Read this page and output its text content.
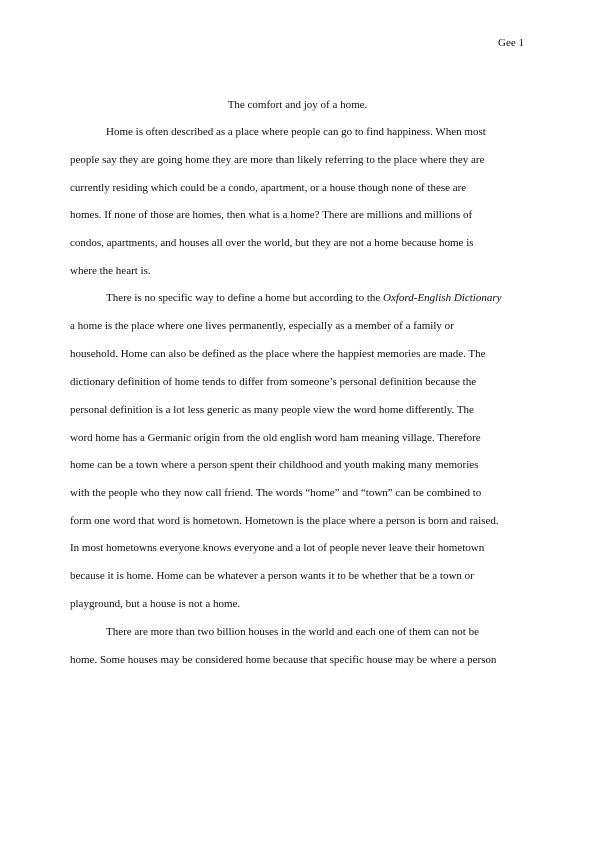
Gee 1
The comfort and joy of a home.
Home is often described as a place where people can go to find happiness. When most
people say they are going home they are more than likely referring to the place where they are
currently residing which could be a condo, apartment, or a house though none of these are
homes. If none of those are homes, then what is a home? There are millions and millions of
condos, apartments, and houses all over the world, but they are not a home because home is
where the heart is.
There is no specific way to define a home but according to the Oxford-English Dictionary
a home is the place where one lives permanently, especially as a member of a family or
household. Home can also be defined as the place where the happiest memories are made. The
dictionary definition of home tends to differ from someone’s personal definition because the
personal definition is a lot less generic as many people view the word home differently. The
word home has a Germanic origin from the old english word ham meaning village. Therefore
home can be a town where a person spent their childhood and youth making many memories
with the people who they now call friend. The words “home” and “town” can be combined to
form one word that word is hometown. Hometown is the place where a person is born and raised.
In most hometowns everyone knows everyone and a lot of people never leave their hometown
because it is home. Home can be whatever a person wants it to be whether that be a town or
playground, but a house is not a home.
There are more than two billion houses in the world and each one of them can not be
home. Some houses may be considered home because that specific house may be where a person
